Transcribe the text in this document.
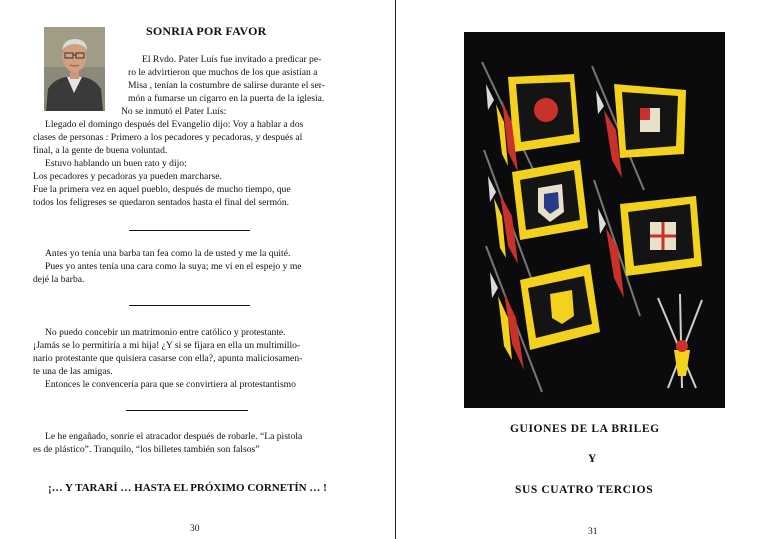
SONRIA POR FAVOR
El Rvdo. Pater Luís fue invitado a predicar pe-
ro le advirtieron que muchos de los que asistían a
Misa , tenían la costumbre de salirse durante el ser-
món a fumarse un cigarro en la puerta de la iglesia.
No se inmutó el Pater Luís:
Llegado el domingo después del Evangelio dijo: Voy a hablar a dos
clases de personas : Primero a los pecadores y pecadoras, y después al
final, a la gente de buena voluntad.
Estuvo hablando un buen rato y dijo:
Los pecadores y pecadoras ya pueden marcharse.
Fue la primera vez en aquel pueblo, después de mucho tiempo, que
todos los feligreses se quedaron sentados hasta el final del sermón.
Antes yo tenía una barba tan fea como la de usted y me la quité.
Pues yo antes tenía una cara como la suya; me ví en el espejo y me
dejé la barba.
No puedo concebir un matrimonio entre católico y protestante.
¡Jamás se lo permitiría a mi hija! ¿Y si se fijara en ella un multimillo-
nario protestante que quisiera casarse con ella?, apunta maliciosamen-
te una de las amigas.
Entonces le convencería para que se convirtiera al protestantismo
Le he engañado, sonríe el atracador después de robarle. “La pistola
es de plástico”. Tranquilo, “los billetes también son falsos”
¡… Y TARARÍ … HASTA EL PRÓXIMO CORNETÍN … !
30
GUIONES DE LA BRILEG
Y
SUS CUATRO TERCIOS
31
